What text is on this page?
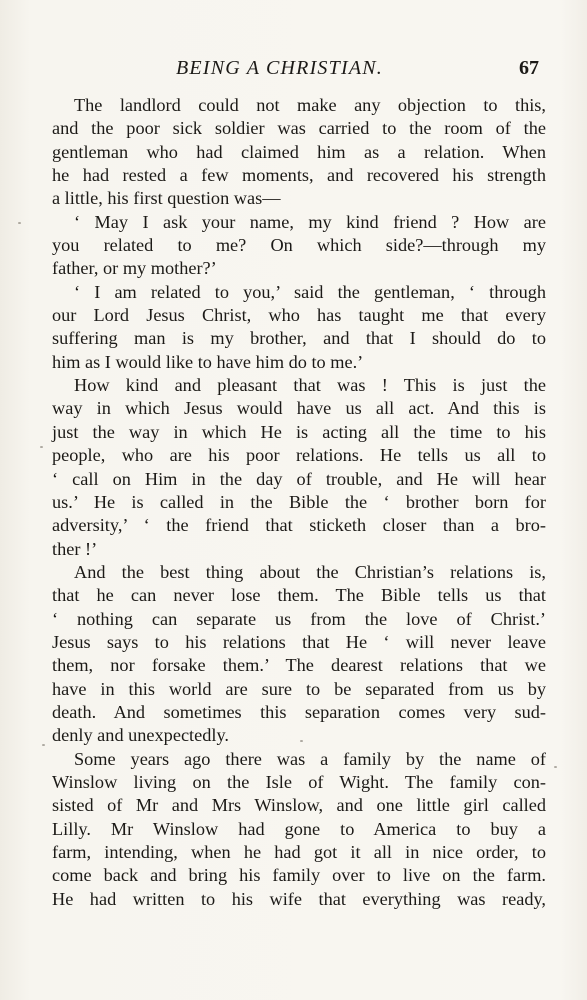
BEING A CHRISTIAN.	67
The landlord could not make any objection to this,
and the poor sick soldier was carried to the room of the
gentleman who had claimed him as a relation. When
he had rested a few moments, and recovered his strength
a little, his first question was—
‘ May I ask your name, my kind friend ? How are
you related to me? On which side?—through my
father, or my mother?’
‘ I am related to you,’ said the gentleman, ‘ through
our Lord Jesus Christ, who has taught me that every
suffering man is my brother, and that I should do to
him as I would like to have him do to me.’
How kind and pleasant that was ! This is just the
way in which Jesus would have us all act. And this is
just the way in which He is acting all the time to his
people, who are his poor relations. He tells us all to
‘ call on Him in the day of trouble, and He will hear
us.’ He is called in the Bible the ‘ brother born for
adversity,’ ‘ the friend that sticketh closer than a bro-
ther !’
And the best thing about the Christian’s relations is,
that he can never lose them. The Bible tells us that
‘ nothing can separate us from the love of Christ.’
Jesus says to his relations that He ‘ will never leave
them, nor forsake them.’ The dearest relations that we
have in this world are sure to be separated from us by
death. And sometimes this separation comes very sud-
denly and unexpectedly.
Some years ago there was a family by the name of
Winslow living on the Isle of Wight. The family con-
sisted of Mr and Mrs Winslow, and one little girl called
Lilly. Mr Winslow had gone to America to buy a
farm, intending, when he had got it all in nice order, to
come back and bring his family over to live on the farm.
He had written to his wife that everything was ready,
